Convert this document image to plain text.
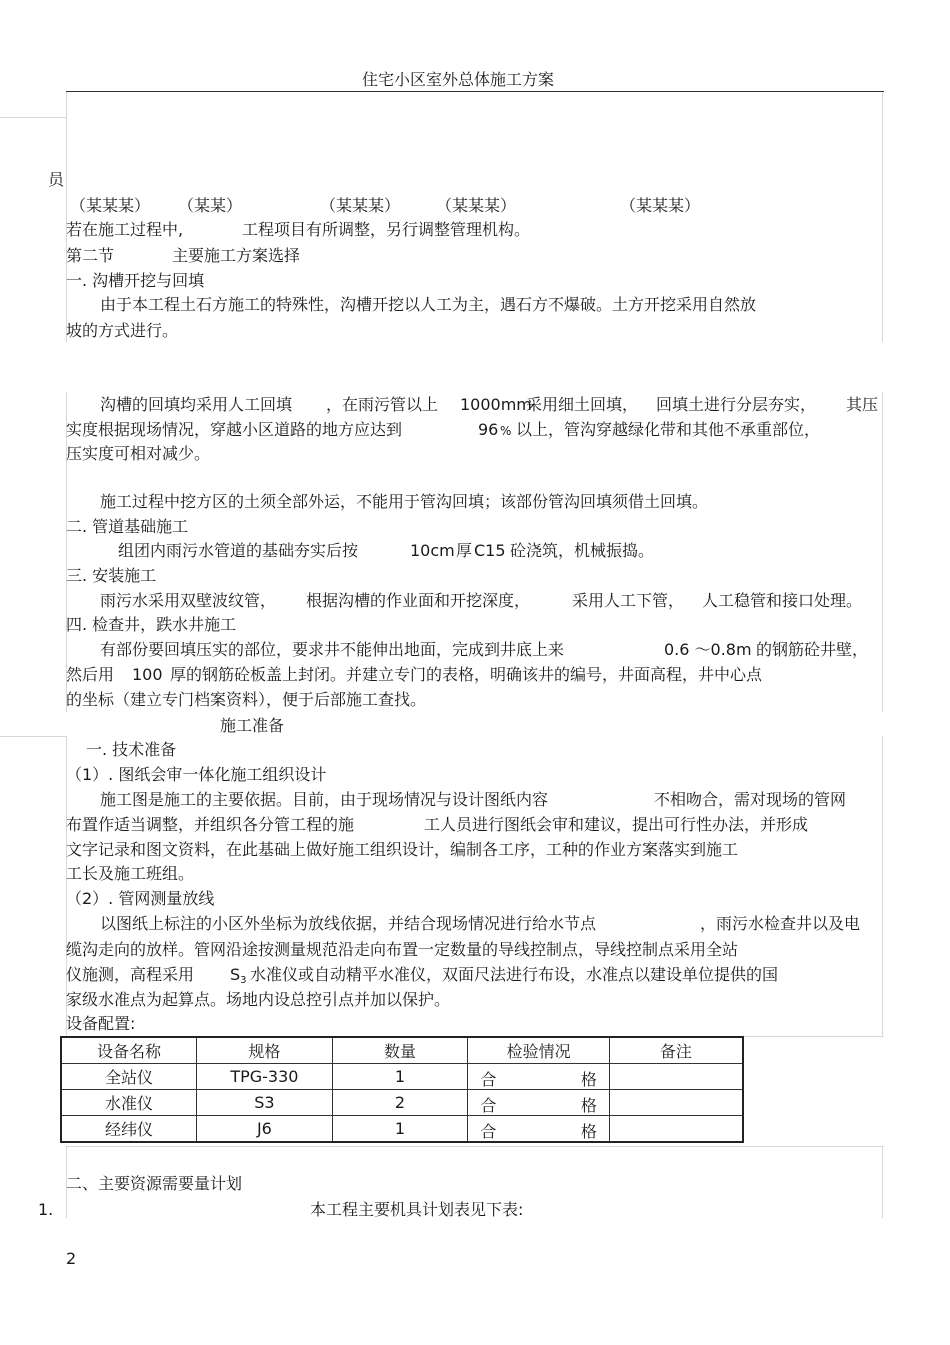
住宅小区室外总体施工方案
员
（某某某） （某某）	（某某某） （某某某）	（某某某）
若在施工过程中,	工程项目有所调整，另行调整管理机构。
第二节	主要施工方案选择
一. 沟槽开挖与回填
由于本工程土石方施工的特殊性，沟槽开挖以人工为主，遇石方不爆破。土方开挖采用自然放
坡的方式进行。
沟槽的回填均采用人工回填 ，在雨污管以上 1000mm
采用细土回填， 回填土进行分层夯实， 其压
实度根据现场情况，穿越小区道路的地方应达到	96 % 以上，管沟穿越绿化带和其他不承重部位，
压实度可相对减少。
施工过程中挖方区的土须全部外运，不能用于管沟回填；该部份管沟回填须借土回填。
二. 管道基础施工
组团内雨污水管道的基础夯实后按	10cm 厚 C15 砼浇筑，机械振捣。
三. 安装施工
雨污水采用双壁波纹管， 根据沟槽的作业面和开挖深度，	采用人工下管， 人工稳管和接口处理。
四. 检查井，跌水井施工
有部份要回填压实的部位，要求井不能伸出地面，完成到井底上来	0.6 ～0.8m 的钢筋砼井壁，
然后用 100 厚的钢筋砼板盖上封闭。并建立专门的表格，明确该井的编号，井面高程，井中心点
的坐标（建立专门档案资料），便于后部施工查找。
施工准备
一. 技术准备
（1）. 图纸会审一体化施工组织设计
施工图是施工的主要依据。目前，由于现场情况与设计图纸内容	不相吻合，需对现场的管网
布置作适当调整，并组织各分管工程的施	工人员进行图纸会审和建议，提出可行性办法，并形成
文字记录和图文资料，在此基础上做好施工组织设计，编制各工序，工种的作业方案落实到施工
工长及施工班组。
（2）. 管网测量放线
以图纸上标注的小区外坐标为放线依据，并结合现场情况进行给水节点	，雨污水检查井以及电
缆沟走向的放样。管网沿途按测量规范沿走向布置一定数量的导线控制点，导线控制点采用全站
仪施测，高程采用 S3 水准仪或自动精平水准仪，双面尺法进行布设，水准点以建设单位提供的国
家级水准点为起算点。场地内设总控引点并加以保护。
设备配置:
设备名称	规格	数量	检验情况	备注
全站仪	TPG-330	1	合 格	

水准仪	S3	2	合 格	

经纬仪	J6	1	合 格	

二、主要资源需要量计划
1.	本工程主要机具计划表见下表:
2
